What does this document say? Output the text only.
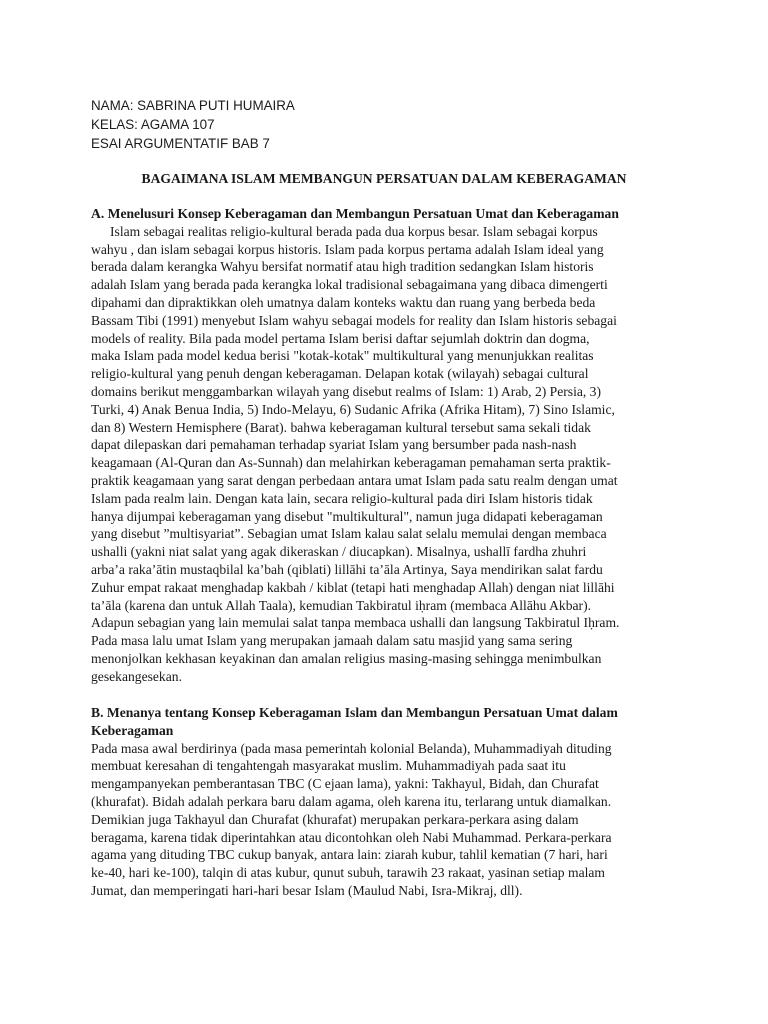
NAMA: SABRINA PUTI HUMAIRA
KELAS: AGAMA 107
ESAI ARGUMENTATIF BAB 7
BAGAIMANA ISLAM MEMBANGUN PERSATUAN DALAM KEBERAGAMAN

A. Menelusuri Konsep Keberagaman dan Membangun Persatuan Umat dan Keberagaman

Islam sebagai realitas religio-kultural berada pada dua korpus besar. Islam sebagai korpus

wahyu , dan islam sebagai korpus historis. Islam pada korpus pertama adalah Islam ideal yang

berada dalam kerangka Wahyu bersifat normatif atau high tradition sedangkan Islam historis

adalah Islam yang berada pada kerangka lokal tradisional sebagaimana yang dibaca dimengerti

dipahami dan dipraktikkan oleh umatnya dalam konteks waktu dan ruang yang berbeda beda

Bassam Tibi (1991) menyebut Islam wahyu sebagai models for reality dan Islam historis sebagai

models of reality. Bila pada model pertama Islam berisi daftar sejumlah doktrin dan dogma,

maka Islam pada model kedua berisi "kotak-kotak" multikultural yang menunjukkan realitas

religio-kultural yang penuh dengan keberagaman. Delapan kotak (wilayah) sebagai cultural

domains berikut menggambarkan wilayah yang disebut realms of Islam: 1) Arab, 2) Persia, 3)

Turki, 4) Anak Benua India, 5) Indo-Melayu, 6) Sudanic Afrika (Afrika Hitam), 7) Sino Islamic,

dan 8) Western Hemisphere (Barat). bahwa keberagaman kultural tersebut sama sekali tidak

dapat dilepaskan dari pemahaman terhadap syariat Islam yang bersumber pada nash-nash

keagamaan (Al-Quran dan As-Sunnah) dan melahirkan keberagaman pemahaman serta praktik-

praktik keagamaan yang sarat dengan perbedaan antara umat Islam pada satu realm dengan umat

Islam pada realm lain. Dengan kata lain, secara religio-kultural pada diri Islam historis tidak

hanya dijumpai keberagaman yang disebut "multikultural", namun juga didapati keberagaman

yang disebut ”multisyariat”. Sebagian umat Islam kalau salat selalu memulai dengan membaca

ushalli (yakni niat salat yang agak dikeraskan / diucapkan). Misalnya, ushallī fardha zhuhri

arba’a raka’ātin mustaqbilal ka’bah (qiblati) lillāhi ta’āla Artinya, Saya mendirikan salat fardu

Zuhur empat rakaat menghadap kakbah / kiblat (tetapi hati menghadap Allah) dengan niat lillāhi

ta’āla (karena dan untuk Allah Taala), kemudian Takbiratul iḥram (membaca Allāhu Akbar).

Adapun sebagian yang lain memulai salat tanpa membaca ushalli dan langsung Takbiratul Iḥram.

Pada masa lalu umat Islam yang merupakan jamaah dalam satu masjid yang sama sering

menonjolkan kekhasan keyakinan dan amalan religius masing-masing sehingga menimbulkan

gesekangesekan.

B. Menanya tentang Konsep Keberagaman Islam dan Membangun Persatuan Umat dalam

Keberagaman

Pada masa awal berdirinya (pada masa pemerintah kolonial Belanda), Muhammadiyah dituding

membuat keresahan di tengahtengah masyarakat muslim. Muhammadiyah pada saat itu

mengampanyekan pemberantasan TBC (C ejaan lama), yakni: Takhayul, Bidah, dan Churafat

(khurafat). Bidah adalah perkara baru dalam agama, oleh karena itu, terlarang untuk diamalkan.

Demikian juga Takhayul dan Churafat (khurafat) merupakan perkara-perkara asing dalam

beragama, karena tidak diperintahkan atau dicontohkan oleh Nabi Muhammad. Perkara-perkara

agama yang dituding TBC cukup banyak, antara lain: ziarah kubur, tahlil kematian (7 hari, hari

ke-40, hari ke-100), talqin di atas kubur, qunut subuh, tarawih 23 rakaat, yasinan setiap malam

Jumat, dan memperingati hari-hari besar Islam (Maulud Nabi, Isra-Mikraj, dll).
